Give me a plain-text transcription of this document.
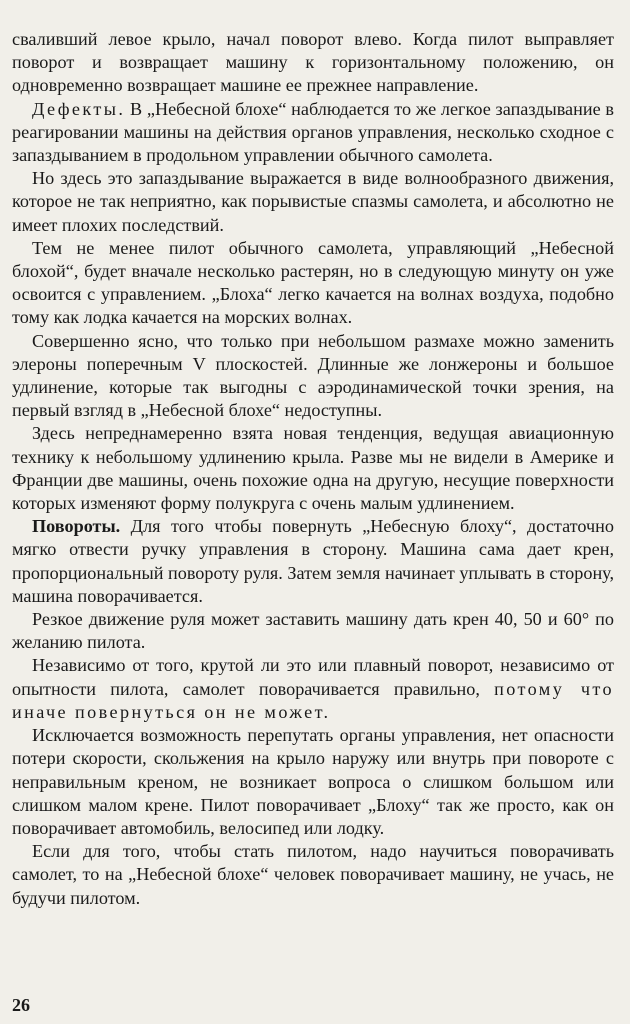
сваливший левое крыло, начал поворот влево. Когда пилот выправляет поворот и возвращает машину к горизонтальному положению, он одновременно возвращает машине ее прежнее направление.

Дефекты. В „Небесной блохе“ наблюдается то же легкое запаздывание в реагировании машины на действия органов управления, несколько сходное с запаздыванием в продольном управлении обычного самолета.

Но здесь это запаздывание выражается в виде волнообразного движения, которое не так неприятно, как порывистые спазмы самолета, и абсолютно не имеет плохих последствий.

Тем не менее пилот обычного самолета, управляющий „Небесной блохой“, будет вначале несколько растерян, но в следующую минуту он уже освоится с управлением. „Блоха“ легко качается на волнах воздуха, подобно тому как лодка качается на морских волнах.

Совершенно ясно, что только при небольшом размахе можно заменить элероны поперечным V плоскостей. Длинные же лонжероны и большое удлинение, которые так выгодны с аэродинамической точки зрения, на первый взгляд в „Небесной блохе“ недоступны.

Здесь непреднамеренно взята новая тенденция, ведущая авиационную технику к небольшому удлинению крыла. Разве мы не видели в Америке и Франции две машины, очень похожие одна на другую, несущие поверхности которых изменяют форму полукруга с очень малым удлинением.

Повороты. Для того чтобы повернуть „Небесную блоху“, достаточно мягко отвести ручку управления в сторону. Машина сама дает крен, пропорциональный повороту руля. Затем земля начинает уплывать в сторону, машина поворачивается.

Резкое движение руля может заставить машину дать крен 40, 50 и 60° по желанию пилота.

Независимо от того, крутой ли это или плавный поворот, независимо от опытности пилота, самолет поворачивается правильно, потому что иначе повернуться он не может.

Исключается возможность перепутать органы управления, нет опасности потери скорости, скольжения на крыло наружу или внутрь при повороте с неправильным креном, не возникает вопроса о слишком большом или слишком малом крене. Пилот поворачивает „Блоху“ так же просто, как он поворачивает автомобиль, велосипед или лодку.

Если для того, чтобы стать пилотом, надо научиться поворачивать самолет, то на „Небесной блохе“ человек поворачивает машину, не учась, не будучи пилотом.

26
